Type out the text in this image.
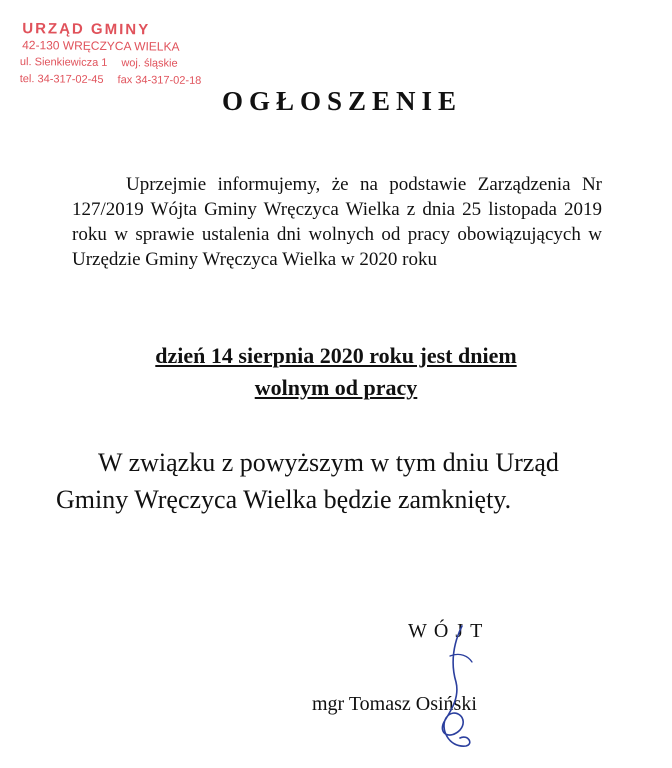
URZĄD GMINY
42-130 WRĘCZYCA WIELKA
ul. Sienkiewicza 1 woj. śląskie
tel. 34-317-02-45 fax 34-317-02-18
OGŁOSZENIE
Uprzejmie informujemy, że na podstawie Zarządzenia Nr 127/2019 Wójta Gminy Wręczyca Wielka z dnia 25 listopada 2019 roku w sprawie ustalenia dni wolnych od pracy obowiązujących w Urzędzie Gminy Wręczyca Wielka w 2020 roku
dzień 14 sierpnia 2020 roku jest dniem
wolnym od pracy
W związku z powyższym w tym dniu Urząd Gminy Wręczyca Wielka będzie zamknięty.
WÓJT
mgr Tomasz Osiński
